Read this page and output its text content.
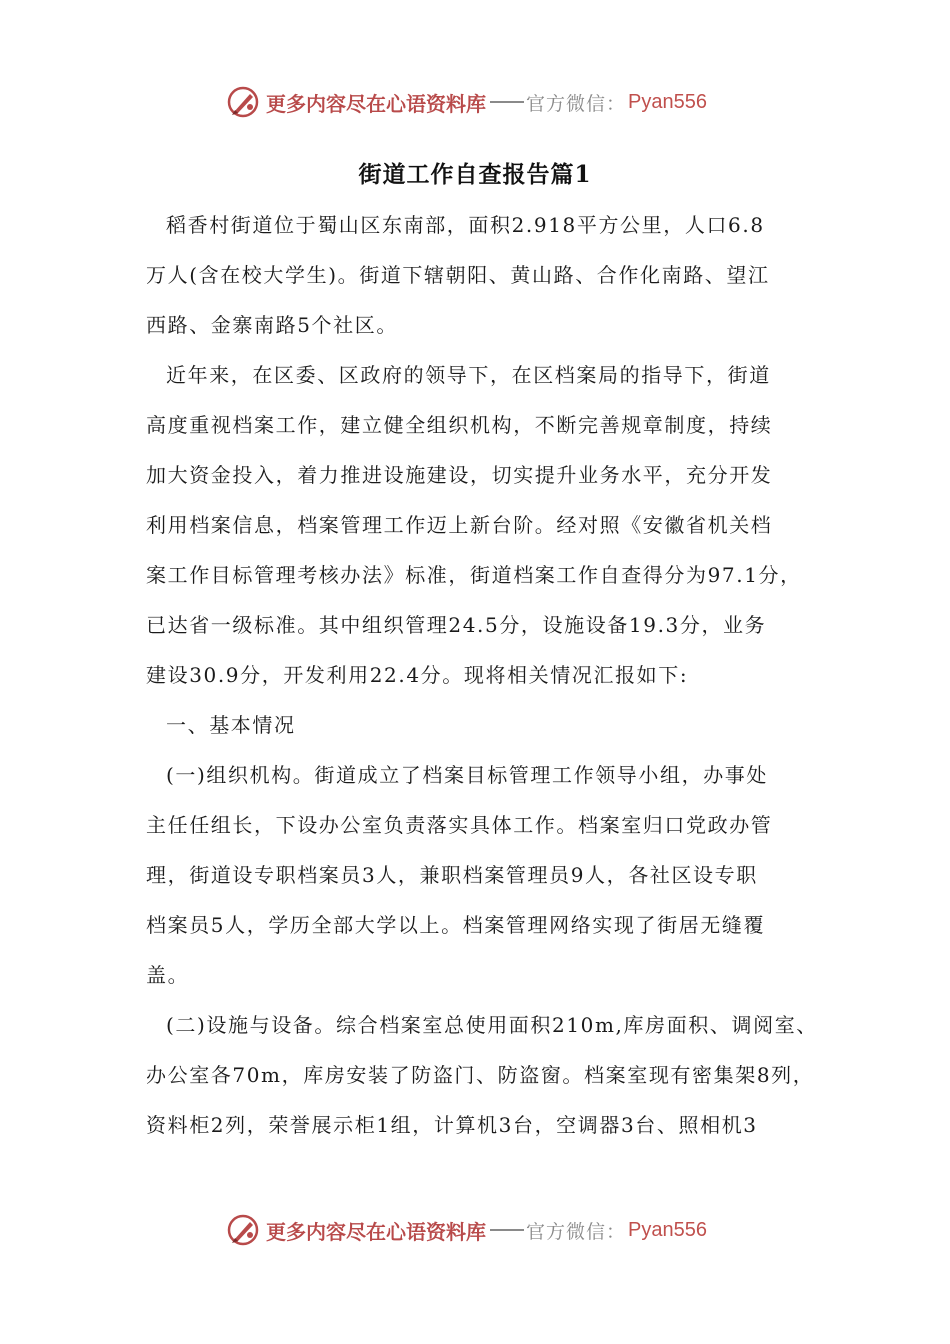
更多内容尽在心语资料库 官方微信： Pyan556
街道工作自查报告篇1
稻香村街道位于蜀山区东南部，面积2.918平方公里，人口6.8
万人(含在校大学生)。街道下辖朝阳、黄山路、合作化南路、望江
西路、金寨南路5个社区。
近年来，在区委、区政府的领导下，在区档案局的指导下，街道
高度重视档案工作，建立健全组织机构，不断完善规章制度，持续
加大资金投入，着力推进设施建设，切实提升业务水平，充分开发
利用档案信息，档案管理工作迈上新台阶。经对照《安徽省机关档
案工作目标管理考核办法》标准，街道档案工作自查得分为97.1分，
已达省一级标准。其中组织管理24.5分，设施设备19.3分，业务
建设30.9分，开发利用22.4分。现将相关情况汇报如下:
一、基本情况
(一)组织机构。街道成立了档案目标管理工作领导小组，办事处
主任任组长，下设办公室负责落实具体工作。档案室归口党政办管
理，街道设专职档案员3人，兼职档案管理员9人，各社区设专职
档案员5人，学历全部大学以上。档案管理网络实现了街居无缝覆
盖。
(二)设施与设备。综合档案室总使用面积210m,库房面积、调阅室、
办公室各70m，库房安装了防盗门、防盗窗。档案室现有密集架8列，
资料柜2列，荣誉展示柜1组，计算机3台，空调器3台、照相机3
更多内容尽在心语资料库 官方微信： Pyan556
